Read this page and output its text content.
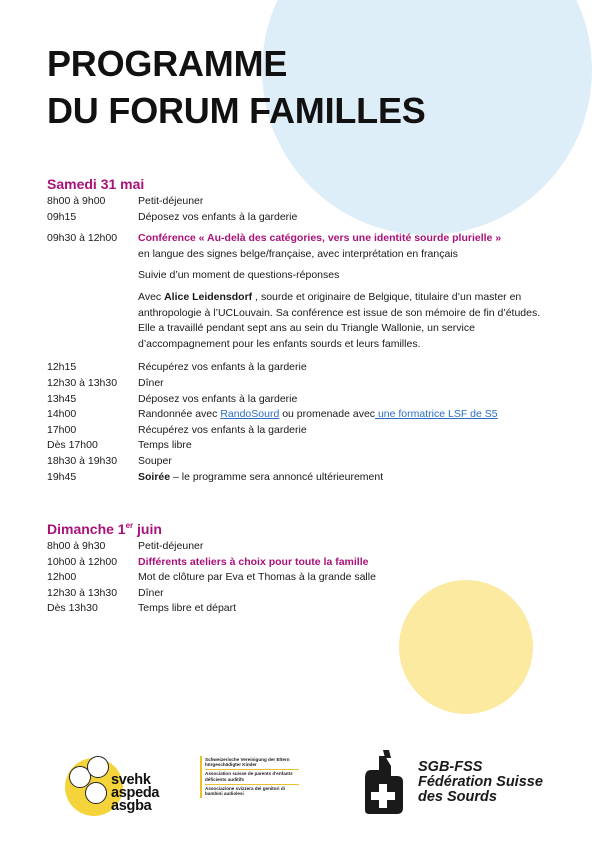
PROGRAMME
DU FORUM FAMILLES
Samedi 31 mai
8h00 à 9h00	Petit-déjeuner
09h15	Déposez vos enfants à la garderie
09h30 à 12h00 Conférence « Au-delà des catégories, vers une identité sourde plurielle »
en langue des signes belge/française, avec interprétation en français
Suivie d’un moment de questions-réponses
Avec Alice Leidensdorf , sourde et originaire de Belgique, titulaire d’un master en anthropologie à l’UCLouvain. Sa conférence est issue de son mémoire de fin d’études. Elle a travaillé pendant sept ans au sein du Triangle Wallonie, un service d’accompagnement pour les enfants sourds et leurs familles.
12h15	Récupérez vos enfants à la garderie
12h30 à 13h30 Dîner
13h45	Déposez vos enfants à la garderie
14h00	Randonnée avec RandoSourd ou promenade avec une formatrice LSF de S5
17h00	Récupérez vos enfants à la garderie
Dès 17h00	Temps libre
18h30 à 19h30 Souper
19h45	Soirée – le programme sera annoncé ultérieurement
Dimanche 1er juin
8h00 à 9h30	Petit-déjeuner
10h00 à 12h00 Différents ateliers à choix pour toute la famille
12h00	Mot de clôture par Eva et Thomas à la grande salle
12h30 à 13h30 Dîner
Dès 13h30	Temps libre et départ
svehk
aspeda
asgba
Schweizerische Vereinigung der Eltern hörgeschädigter Kinder
Association suisse de parents d'enfants déficients auditifs
Associazione svizzera dei genitori di bambini audiolesi
SGB-FSS
Fédération Suisse
des Sourds
